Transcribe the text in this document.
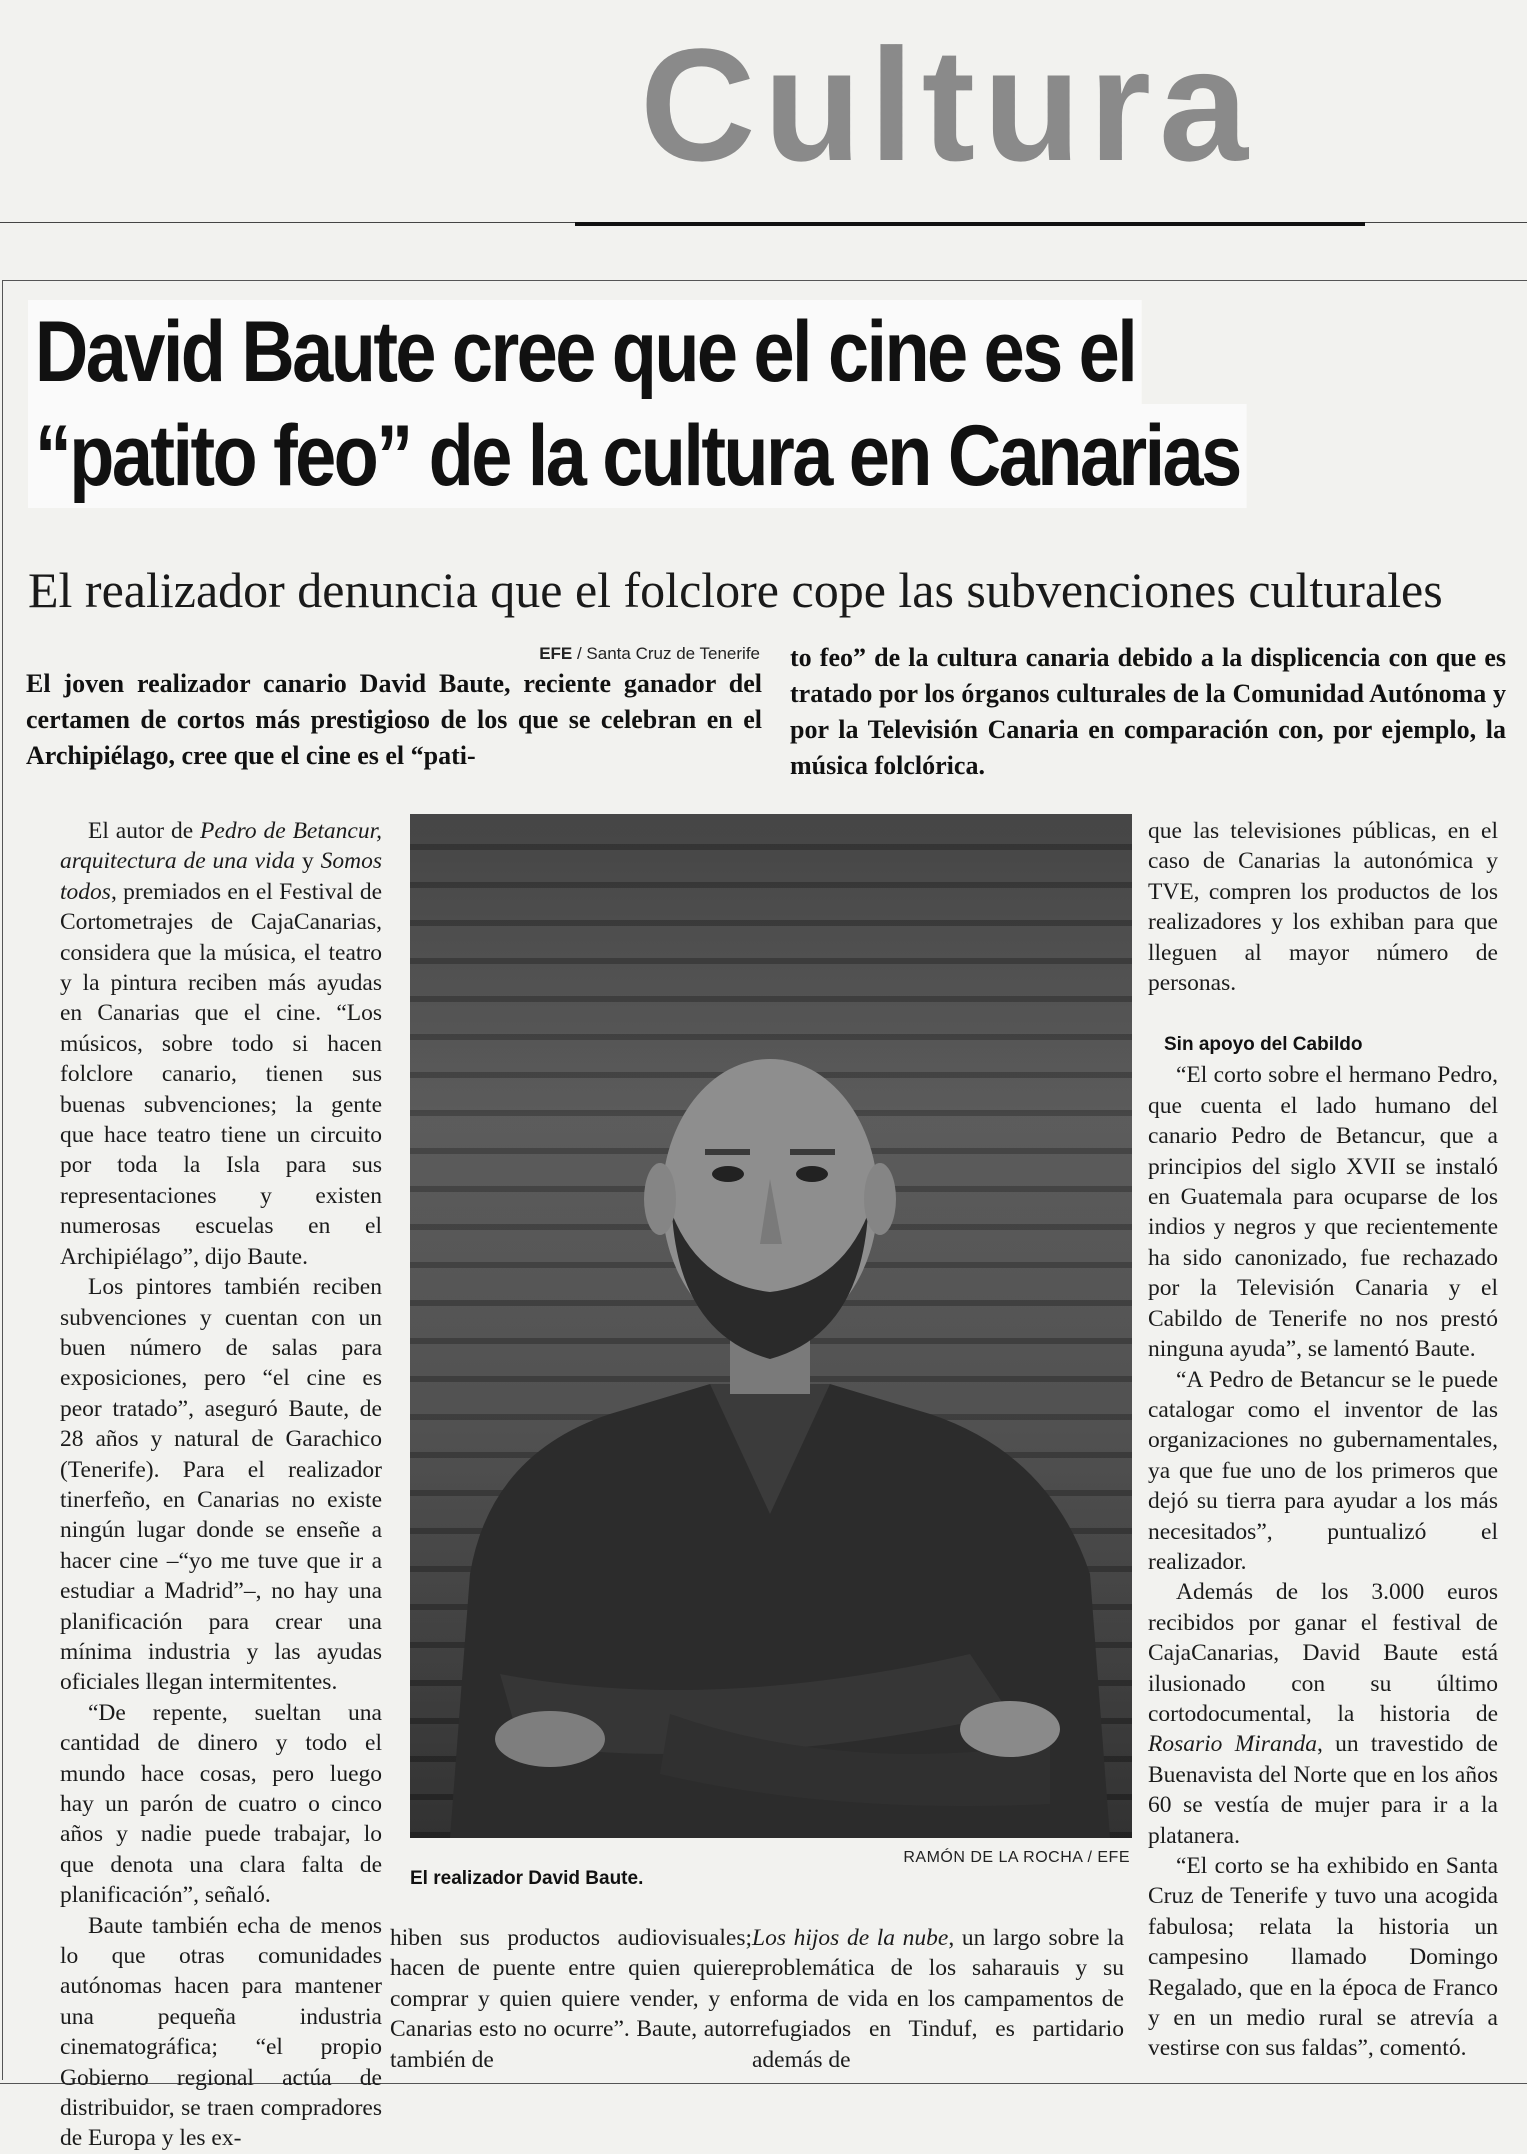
Cultura
David Baute cree que el cine es el
“patito feo” de la cultura en Canarias
El realizador denuncia que el folclore cope las subvenciones culturales
EFE / Santa Cruz de Tenerife
El joven realizador canario David Baute, reciente ganador del certamen de cortos más prestigioso de los que se celebran en el Archipiélago, cree que el cine es el “pati-
to feo” de la cultura canaria debido a la displicencia con que es tratado por los órganos culturales de la Comunidad Autónoma y por la Televisión Canaria en comparación con, por ejemplo, la música folclórica.

El autor de Pedro de Betancur, arquitectura de una vida y Somos todos, premiados en el Festival de Cortometrajes de CajaCanarias, considera que la música, el teatro y la pintura reciben más ayudas en Canarias que el cine. “Los músicos, sobre todo si hacen folclore canario, tienen sus buenas subvenciones; la gente que hace teatro tiene un circuito por toda la Isla para sus representaciones y existen numerosas escuelas en el Archipiélago”, dijo Baute.

Los pintores también reciben subvenciones y cuentan con un buen número de salas para exposiciones, pero “el cine es peor tratado”, aseguró Baute, de 28 años y natural de Garachico (Tenerife). Para el realizador tinerfeño, en Canarias no existe ningún lugar donde se enseñe a hacer cine –“yo me tuve que ir a estudiar a Madrid”–, no hay una planificación para crear una mínima industria y las ayudas oficiales llegan intermitentes.

“De repente, sueltan una cantidad de dinero y todo el mundo hace cosas, pero luego hay un parón de cuatro o cinco años y nadie puede trabajar, lo que denota una clara falta de planificación”, señaló.

Baute también echa de menos lo que otras comunidades autónomas hacen para mantener una pequeña industria cinematográfica; “el propio Gobierno regional actúa de distribuidor, se traen compradores de Europa y les ex-

RAMÓN DE LA ROCHA / EFE
El realizador David Baute.

hiben sus productos audiovisuales; hacen de puente entre quien quiere comprar y quien quiere vender, y en Canarias esto no ocurre”. Baute, autor también de

Los hijos de la nube, un largo sobre la problemática de los saharauis y su forma de vida en los campamentos de refugiados en Tinduf, es partidario además de

que las televisiones públicas, en el caso de Canarias la autonómica y TVE, compren los productos de los realizadores y los exhiban para que lleguen al mayor número de personas.

Sin apoyo del Cabildo

“El corto sobre el hermano Pedro, que cuenta el lado humano del canario Pedro de Betancur, que a principios del siglo XVII se instaló en Guatemala para ocuparse de los indios y negros y que recientemente ha sido canonizado, fue rechazado por la Televisión Canaria y el Cabildo de Tenerife no nos prestó ninguna ayuda”, se lamentó Baute.

“A Pedro de Betancur se le puede catalogar como el inventor de las organizaciones no gubernamentales, ya que fue uno de los primeros que dejó su tierra para ayudar a los más necesitados”, puntualizó el realizador.

Además de los 3.000 euros recibidos por ganar el festival de CajaCanarias, David Baute está ilusionado con su último cortodocumental, la historia de Rosario Miranda, un travestido de Buenavista del Norte que en los años 60 se vestía de mujer para ir a la platanera.

“El corto se ha exhibido en Santa Cruz de Tenerife y tuvo una acogida fabulosa; relata la historia un campesino llamado Domingo Regalado, que en la época de Franco y en un medio rural se atrevía a vestirse con sus faldas”, comentó.
